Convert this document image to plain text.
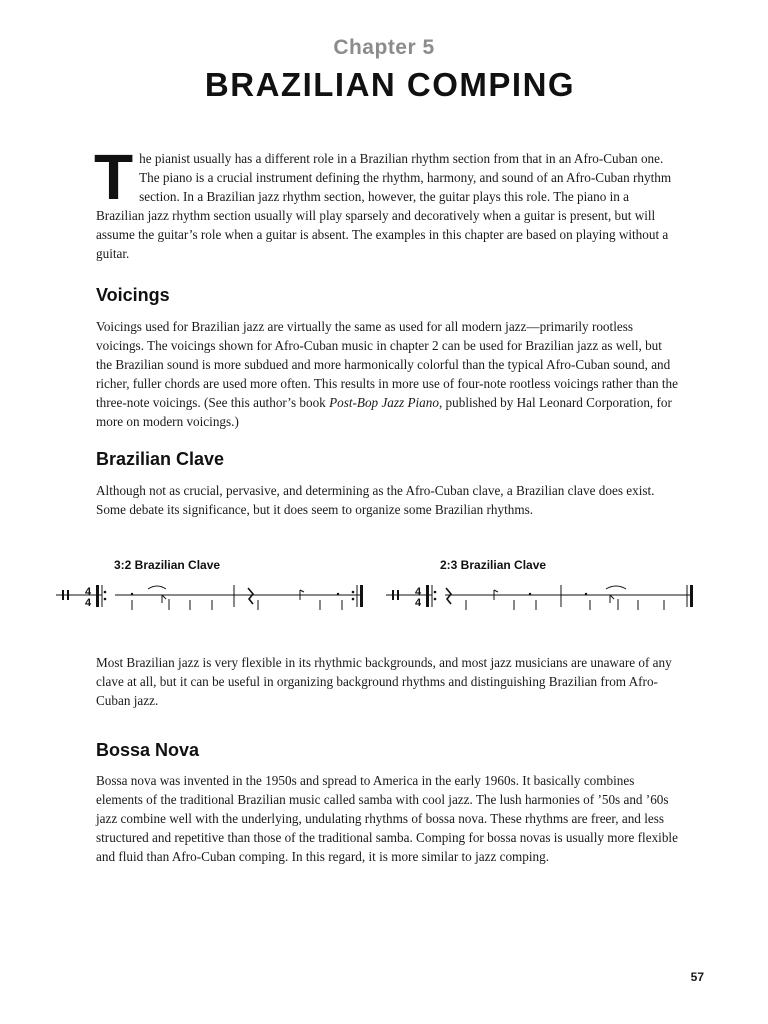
Chapter 5
BRAZILIAN COMPING

The pianist usually has a different role in a Brazilian rhythm section from that in an Afro-Cuban one. The piano is a crucial instrument defining the rhythm, harmony, and sound of an Afro-Cuban rhythm section. In a Brazilian jazz rhythm section, however, the guitar plays this role. The piano in a Brazilian jazz rhythm section usually will play sparsely and decoratively when a guitar is present, but will assume the guitar’s role when a guitar is absent. The examples in this chapter are based on playing without a guitar.

Voicings

Voicings used for Brazilian jazz are virtually the same as used for all modern jazz—primarily rootless voicings. The voicings shown for Afro-Cuban music in chapter 2 can be used for Brazilian jazz as well, but the Brazilian sound is more subdued and more harmonically colorful than the typical Afro-Cuban sound, and richer, fuller chords are used more often. This results in more use of four-note rootless voicings rather than the three-note voicings. (See this author’s book Post-Bop Jazz Piano, published by Hal Leonard Corporation, for more on modern voicings.)

Brazilian Clave

Although not as crucial, pervasive, and determining as the Afro-Cuban clave, a Brazilian clave does exist. Some debate its significance, but it does seem to organize some Brazilian rhythms.

3:2 Brazilian Clave	2:3 Brazilian Clave
4
4
4
4

Most Brazilian jazz is very flexible in its rhythmic backgrounds, and most jazz musicians are unaware of any clave at all, but it can be useful in organizing background rhythms and distinguishing Brazilian from Afro-Cuban jazz.

Bossa Nova

Bossa nova was invented in the 1950s and spread to America in the early 1960s. It basically combines elements of the traditional Brazilian music called samba with cool jazz. The lush harmonies of ’50s and ’60s jazz combine well with the underlying, undulating rhythms of bossa nova. These rhythms are freer, and less structured and repetitive than those of the traditional samba. Comping for bossa novas is usually more flexible and fluid than Afro-Cuban comping. In this regard, it is more similar to jazz comping.

57
